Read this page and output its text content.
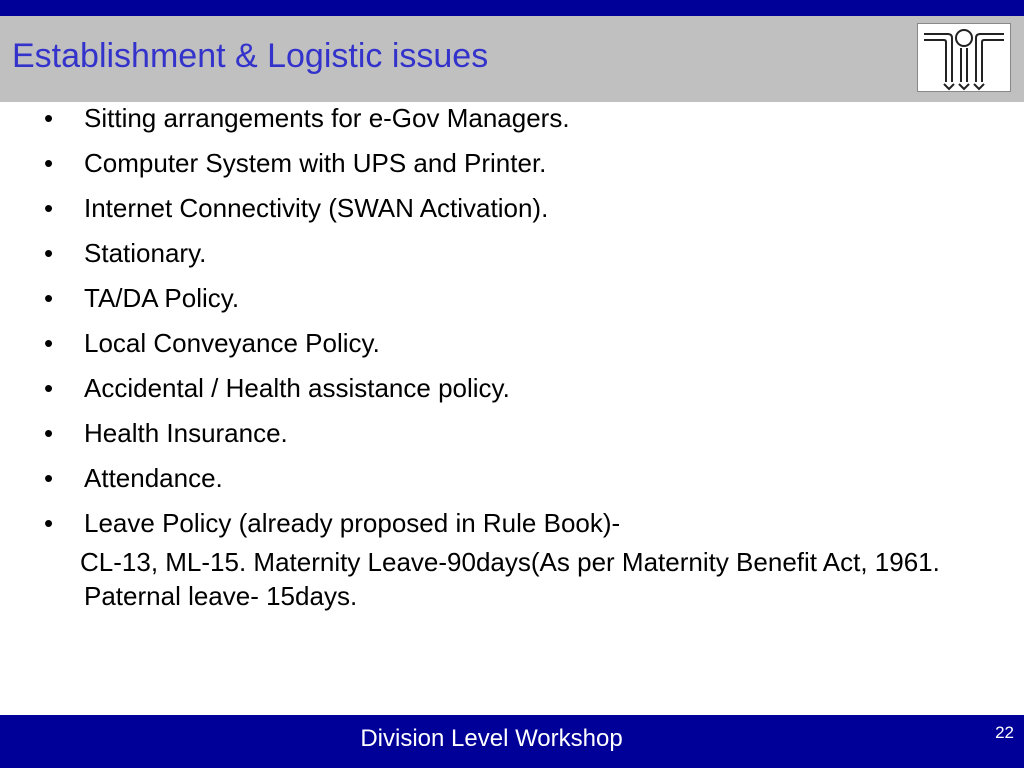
Establishment & Logistic issues
•	Sitting arrangements for e-Gov Managers.
•	Computer System with UPS and Printer.
•	Internet Connectivity (SWAN Activation).
•	Stationary.
•	TA/DA Policy.
•	Local Conveyance Policy.
•	Accidental / Health assistance policy.
•	Health Insurance.
•	Attendance.
•	Leave Policy (already proposed in Rule Book)-
CL-13, ML-15. Maternity Leave-90days(As per Maternity Benefit Act, 1961. Paternal leave- 15days.
Division Level Workshop	22
